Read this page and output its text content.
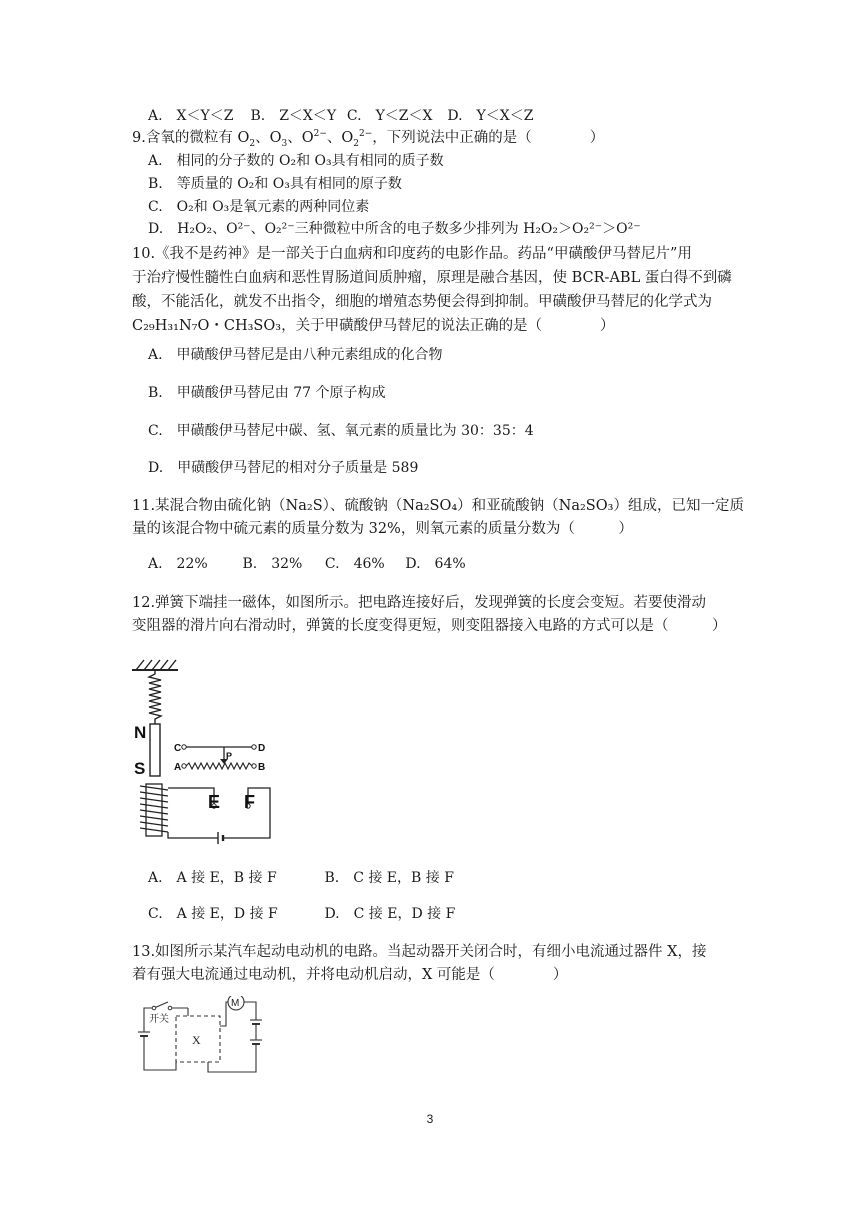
A.　X＜Y＜Z B.　Z＜X＜Y C.　Y＜Z＜X D.　Y＜X＜Z
9.含氧的微粒有 $O_2$、$O_3$、$O^{2-}$、$O_2^{2-}$，下列说法中正确的是（　　　　）
A.　相同的分子数的 O₂和 O₃具有相同的质子数
B.　等质量的 O₂和 O₃具有相同的原子数
C.　O₂和 O₃是氧元素的两种同位素
D.　H₂O₂、O²⁻、O₂²⁻三种微粒中所含的电子数多少排列为 H₂O₂＞O₂²⁻＞O²⁻
10.《我不是药神》是一部关于白血病和印度药的电影作品。药品“甲磺酸伊马替尼片”用
于治疗慢性髓性白血病和恶性胃肠道间质肿瘤，原理是融合基因，使 BCR-ABL 蛋白得不到磷
酸，不能活化，就发不出指令，细胞的增殖态势便会得到抑制。甲磺酸伊马替尼的化学式为
C₂₉H₃₁N₇O・CH₃SO₃，关于甲磺酸伊马替尼的说法正确的是（　　　　）
A.　甲磺酸伊马替尼是由八种元素组成的化合物
B.　甲磺酸伊马替尼由 77 个原子构成
C.　甲磺酸伊马替尼中碳、氢、氧元素的质量比为 30：35：4
D.　甲磺酸伊马替尼的相对分子质量是 589
11.某混合物由硫化钠（Na₂S）、硫酸钠（Na₂SO₄）和亚硫酸钠（Na₂SO₃）组成，已知一定质
量的该混合物中硫元素的质量分数为 32%，则氧元素的质量分数为（　　　）
A.　22% B.　32% C.　46% D.　64%
12.弹簧下端挂一磁体，如图所示。把电路连接好后，发现弹簧的长度会变短。若要使滑动
变阻器的滑片向右滑动时，弹簧的长度变得更短，则变阻器接入电路的方式可以是（　　　）
N
S
C	D
P
A	B
E F
A.　A 接 E，B 接 F	B.　C 接 E，B 接 F
C.　A 接 E，D 接 F	D.　C 接 E，D 接 F
13.如图所示某汽车起动电动机的电路。当起动器开关闭合时，有细小电流通过器件 X，接
着有强大电流通过电动机，并将电动机启动，X 可能是（　　　　）
M
开关
X
3
